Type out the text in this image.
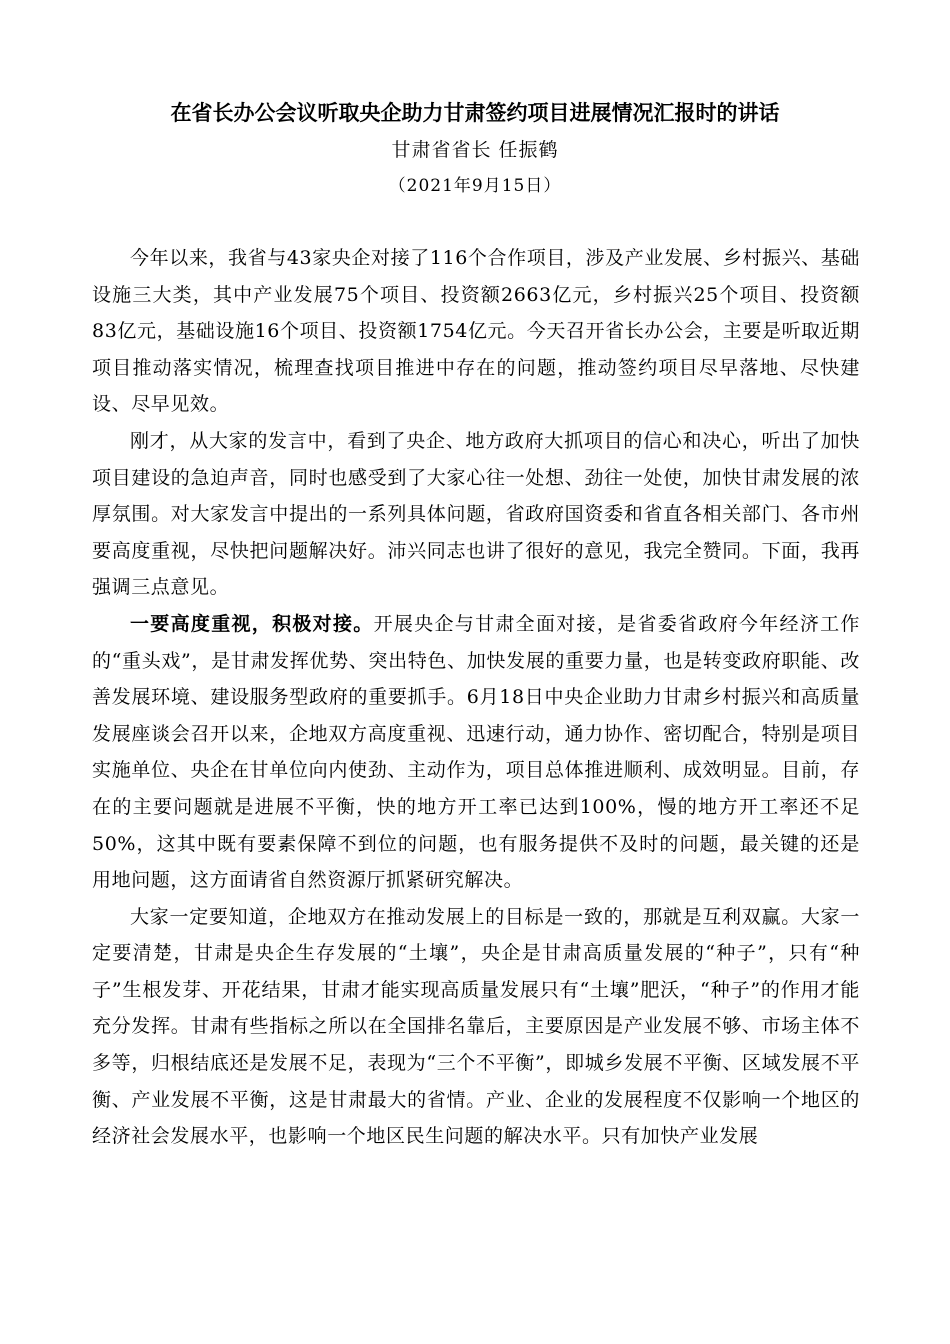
在省长办公会议听取央企助力甘肃签约项目进展情况汇报时的讲话
甘肃省省长 任振鹤
（2021年9月15日）

今年以来，我省与43家央企对接了116个合作项目，涉及产业发展、乡村振兴、基础设施三大类，其中产业发展75个项目、投资额2663亿元，乡村振兴25个项目、投资额83亿元，基础设施16个项目、投资额1754亿元。今天召开省长办公会，主要是听取近期项目推动落实情况，梳理查找项目推进中存在的问题，推动签约项目尽早落地、尽快建设、尽早见效。

刚才，从大家的发言中，看到了央企、地方政府大抓项目的信心和决心，听出了加快项目建设的急迫声音，同时也感受到了大家心往一处想、劲往一处使，加快甘肃发展的浓厚氛围。对大家发言中提出的一系列具体问题，省政府国资委和省直各相关部门、各市州要高度重视，尽快把问题解决好。沛兴同志也讲了很好的意见，我完全赞同。下面，我再强调三点意见。

一要高度重视，积极对接。开展央企与甘肃全面对接，是省委省政府今年经济工作的“重头戏”，是甘肃发挥优势、突出特色、加快发展的重要力量，也是转变政府职能、改善发展环境、建设服务型政府的重要抓手。6月18日中央企业助力甘肃乡村振兴和高质量发展座谈会召开以来，企地双方高度重视、迅速行动，通力协作、密切配合，特别是项目实施单位、央企在甘单位向内使劲、主动作为，项目总体推进顺利、成效明显。目前，存在的主要问题就是进展不平衡，快的地方开工率已达到100%，慢的地方开工率还不足50%，这其中既有要素保障不到位的问题，也有服务提供不及时的问题，最关键的还是用地问题，这方面请省自然资源厅抓紧研究解决。

大家一定要知道，企地双方在推动发展上的目标是一致的，那就是互利双赢。大家一定要清楚，甘肃是央企生存发展的“土壤”，央企是甘肃高质量发展的“种子”，只有“种子”生根发芽、开花结果，甘肃才能实现高质量发展只有“土壤”肥沃，“种子”的作用才能充分发挥。甘肃有些指标之所以在全国排名靠后，主要原因是产业发展不够、市场主体不多等，归根结底还是发展不足，表现为“三个不平衡”，即城乡发展不平衡、区域发展不平衡、产业发展不平衡，这是甘肃最大的省情。产业、企业的发展程度不仅影响一个地区的经济社会发展水平，也影响一个地区民生问题的解决水平。只有加快产业发展
